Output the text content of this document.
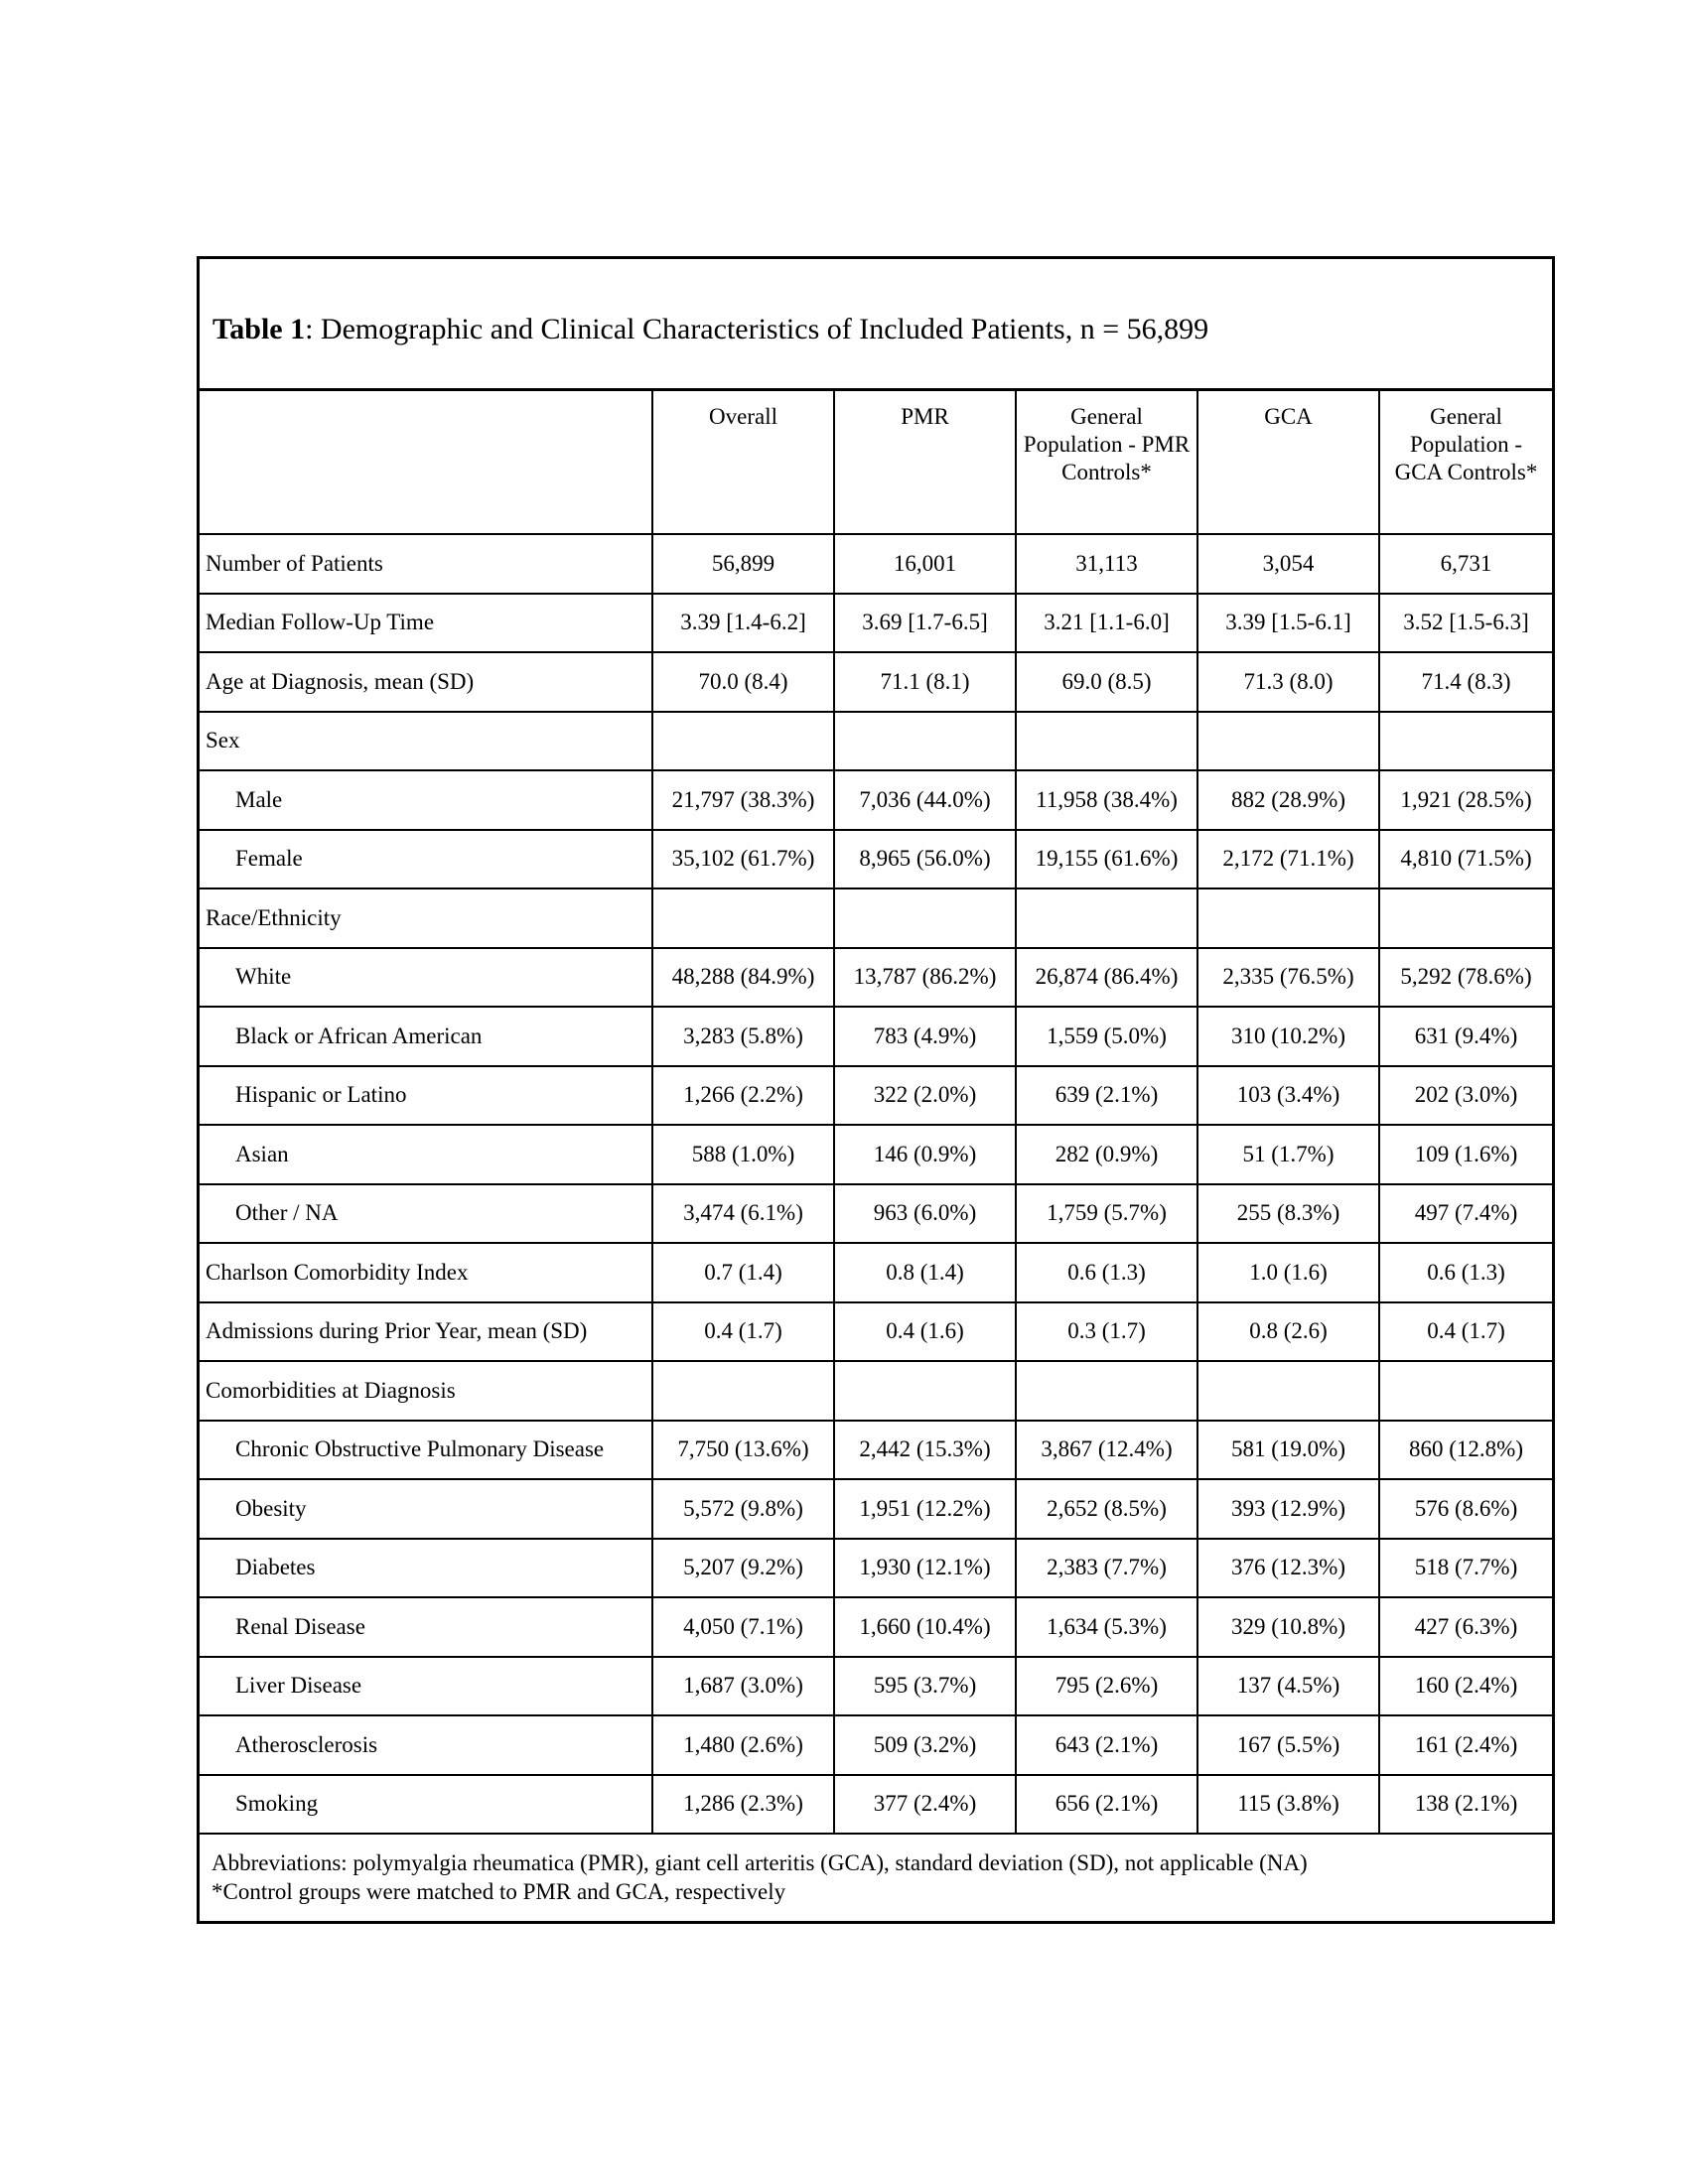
Table 1: Demographic and Clinical Characteristics of Included Patients, n = 56,899
	Overall	PMR	General Population - PMR Controls*	GCA	General Population - GCA Controls*
Number of Patients	56,899	16,001	31,113	3,054	6,731
Median Follow-Up Time	3.39 [1.4-6.2]	3.69 [1.7-6.5]	3.21 [1.1-6.0]	3.39 [1.5-6.1]	3.52 [1.5-6.3]
Age at Diagnosis, mean (SD)	70.0 (8.4)	71.1 (8.1)	69.0 (8.5)	71.3 (8.0)	71.4 (8.3)
Sex					
Male	21,797 (38.3%)	7,036 (44.0%)	11,958 (38.4%)	882 (28.9%)	1,921 (28.5%)
Female	35,102 (61.7%)	8,965 (56.0%)	19,155 (61.6%)	2,172 (71.1%)	4,810 (71.5%)
Race/Ethnicity					
White	48,288 (84.9%)	13,787 (86.2%)	26,874 (86.4%)	2,335 (76.5%)	5,292 (78.6%)
Black or African American	3,283 (5.8%)	783 (4.9%)	1,559 (5.0%)	310 (10.2%)	631 (9.4%)
Hispanic or Latino	1,266 (2.2%)	322 (2.0%)	639 (2.1%)	103 (3.4%)	202 (3.0%)
Asian	588 (1.0%)	146 (0.9%)	282 (0.9%)	51 (1.7%)	109 (1.6%)
Other / NA	3,474 (6.1%)	963 (6.0%)	1,759 (5.7%)	255 (8.3%)	497 (7.4%)
Charlson Comorbidity Index	0.7 (1.4)	0.8 (1.4)	0.6 (1.3)	1.0 (1.6)	0.6 (1.3)
Admissions during Prior Year, mean (SD)	0.4 (1.7)	0.4 (1.6)	0.3 (1.7)	0.8 (2.6)	0.4 (1.7)
Comorbidities at Diagnosis					
Chronic Obstructive Pulmonary Disease	7,750 (13.6%)	2,442 (15.3%)	3,867 (12.4%)	581 (19.0%)	860 (12.8%)
Obesity	5,572 (9.8%)	1,951 (12.2%)	2,652 (8.5%)	393 (12.9%)	576 (8.6%)
Diabetes	5,207 (9.2%)	1,930 (12.1%)	2,383 (7.7%)	376 (12.3%)	518 (7.7%)
Renal Disease	4,050 (7.1%)	1,660 (10.4%)	1,634 (5.3%)	329 (10.8%)	427 (6.3%)
Liver Disease	1,687 (3.0%)	595 (3.7%)	795 (2.6%)	137 (4.5%)	160 (2.4%)
Atherosclerosis	1,480 (2.6%)	509 (3.2%)	643 (2.1%)	167 (5.5%)	161 (2.4%)
Smoking	1,286 (2.3%)	377 (2.4%)	656 (2.1%)	115 (3.8%)	138 (2.1%)
Abbreviations: polymyalgia rheumatica (PMR), giant cell arteritis (GCA), standard deviation (SD), not applicable (NA)
*Control groups were matched to PMR and GCA, respectively
